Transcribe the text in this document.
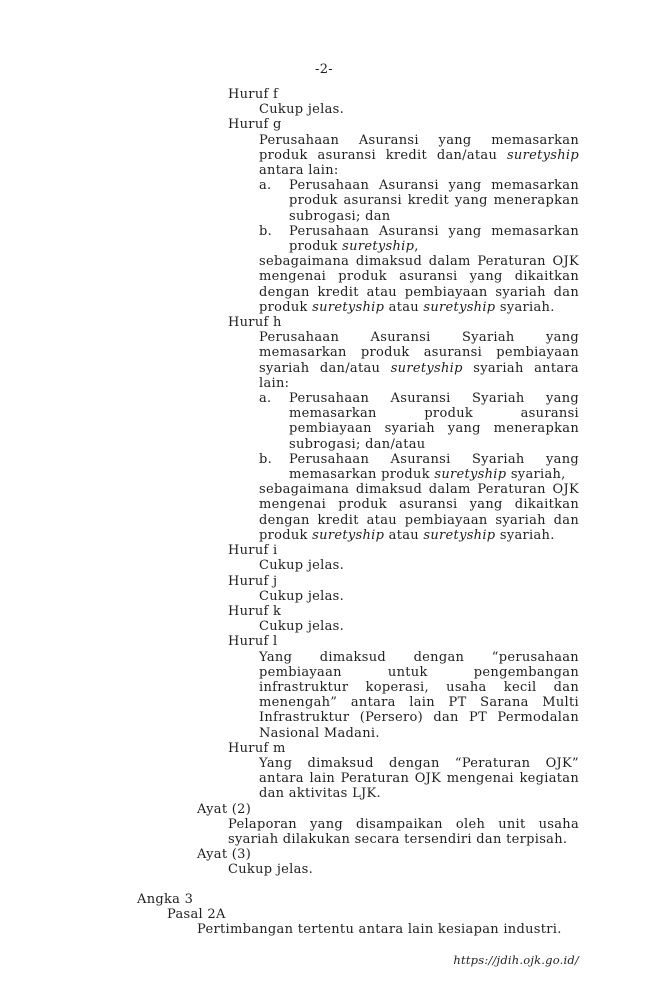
-2-
Huruf f
Cukup jelas.
Huruf g
Perusahaan Asuransi yang memasarkan produk asuransi kredit dan/atau suretyship antara lain:
a.	Perusahaan Asuransi yang memasarkan produk asuransi kredit yang menerapkan subrogasi; dan
b.	Perusahaan Asuransi yang memasarkan produk suretyship,
sebagaimana dimaksud dalam Peraturan OJK mengenai produk asuransi yang dikaitkan dengan kredit atau pembiayaan syariah dan produk suretyship atau suretyship syariah.
Huruf h
Perusahaan Asuransi Syariah yang memasarkan produk asuransi pembiayaan syariah dan/atau suretyship syariah antara lain:
a.	Perusahaan Asuransi Syariah yang memasarkan produk asuransi pembiayaan syariah yang menerapkan subrogasi; dan/atau
b.	Perusahaan Asuransi Syariah yang memasarkan produk suretyship syariah,
sebagaimana dimaksud dalam Peraturan OJK mengenai produk asuransi yang dikaitkan dengan kredit atau pembiayaan syariah dan produk suretyship atau suretyship syariah.
Huruf i
Cukup jelas.
Huruf j
Cukup jelas.
Huruf k
Cukup jelas.
Huruf l
Yang dimaksud dengan “perusahaan pembiayaan untuk pengembangan infrastruktur koperasi, usaha kecil dan menengah” antara lain PT Sarana Multi Infrastruktur (Persero) dan PT Permodalan Nasional Madani.
Huruf m
Yang dimaksud dengan “Peraturan OJK” antara lain Peraturan OJK mengenai kegiatan dan aktivitas LJK.
Ayat (2)
Pelaporan yang disampaikan oleh unit usaha syariah dilakukan secara tersendiri dan terpisah.
Ayat (3)
Cukup jelas.
Angka 3
Pasal 2A
Pertimbangan tertentu antara lain kesiapan industri.
https://jdih.ojk.go.id/
